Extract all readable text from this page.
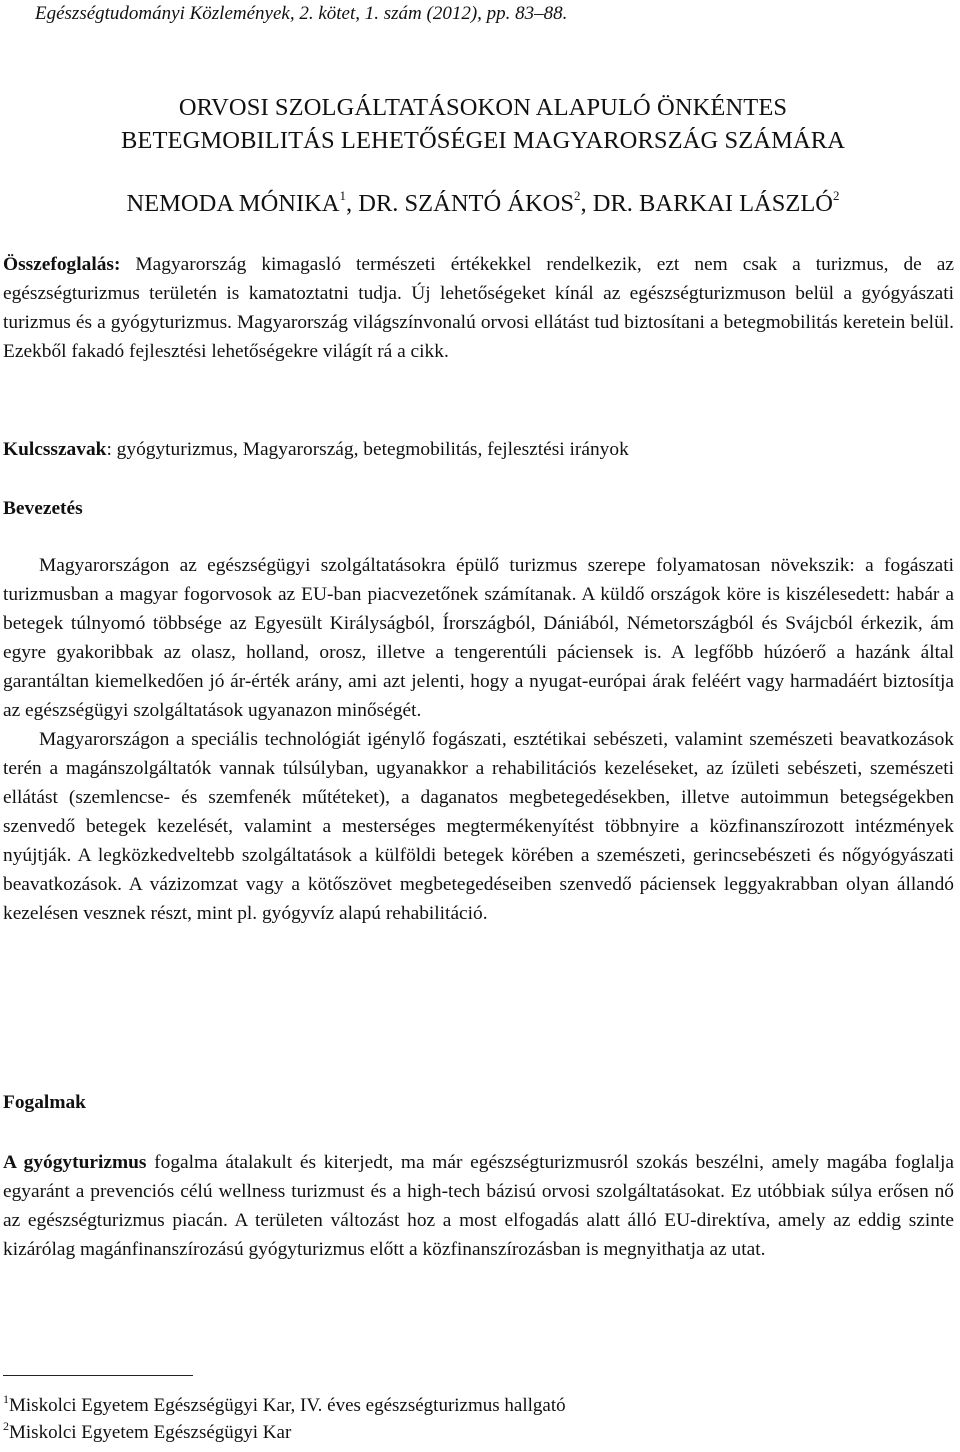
Egészségtudományi Közlemények, 2. kötet, 1. szám (2012), pp. 83–88.
ORVOSI SZOLGÁLTATÁSOKON ALAPULÓ ÖNKÉNTES
BETEGMOBILITÁS LEHETŐSÉGEI MAGYARORSZÁG SZÁMÁRA
NEMODA MÓNIKA$^1$, DR. SZÁNTÓ ÁKOS$^2$, DR. BARKAI LÁSZLÓ$^2$

Összefoglalás: Magyarország kimagasló természeti értékekkel rendelkezik, ezt nem csak a turizmus, de az egészségturizmus területén is kamatoztatni tudja. Új lehetőségeket kínál az egészségturizmuson belül a gyógyászati turizmus és a gyógyturizmus. Magyarország világszínvonalú orvosi ellátást tud biztosítani a betegmobilitás keretein belül. Ezekből fakadó fejlesztési lehetőségekre világít rá a cikk.

Kulcsszavak: gyógyturizmus, Magyarország, betegmobilitás, fejlesztési irányok

Bevezetés

Magyarországon az egészségügyi szolgáltatásokra épülő turizmus szerepe folyamatosan növekszik: a fogászati turizmusban a magyar fogorvosok az EU-ban piacvezetőnek számítanak. A küldő országok köre is kiszélesedett: habár a betegek túlnyomó többsége az Egyesült Királyságból, Írországból, Dániából, Németországból és Svájcból érkezik, ám egyre gyakoribbak az olasz, holland, orosz, illetve a tengerentúli páciensek is. A legfőbb húzóerő a hazánk által garantáltan kiemelkedően jó ár-érték arány, ami azt jelenti, hogy a nyugat-európai árak feléért vagy harmadáért biztosítja az egészségügyi szolgáltatások ugyanazon minőségét.

Magyarországon a speciális technológiát igénylő fogászati, esztétikai sebészeti, valamint szemészeti beavatkozások terén a magánszolgáltatók vannak túlsúlyban, ugyanakkor a rehabilitációs kezeléseket, az ízületi sebészeti, szemészeti ellátást (szemlencse- és szemfenék műtéteket), a daganatos megbetegedésekben, illetve autoimmun betegségekben szenvedő betegek kezelését, valamint a mesterséges megtermékenyítést többnyire a közfinanszírozott intézmények nyújtják. A legközkedveltebb szolgáltatások a külföldi betegek körében a szemészeti, gerincsebészeti és nőgyógyászati beavatkozások. A vázizomzat vagy a kötőszövet megbetegedéseiben szenvedő páciensek leggyakrabban olyan állandó kezelésen vesznek részt, mint pl. gyógyvíz alapú rehabilitáció.

Fogalmak

A gyógyturizmus fogalma átalakult és kiterjedt, ma már egészségturizmusról szokás beszélni, amely magába foglalja egyaránt a prevenciós célú wellness turizmust és a high-tech bázisú orvosi szolgáltatásokat. Ez utóbbiak súlya erősen nő az egészségturizmus piacán. A területen változást hoz a most elfogadás alatt álló EU-direktíva, amely az eddig szinte kizárólag magánfinanszírozású gyógyturizmus előtt a közfinanszírozásban is megnyithatja az utat.

$^1$Miskolci Egyetem Egészségügyi Kar, IV. éves egészségturizmus hallgató
$^2$Miskolci Egyetem Egészségügyi Kar
